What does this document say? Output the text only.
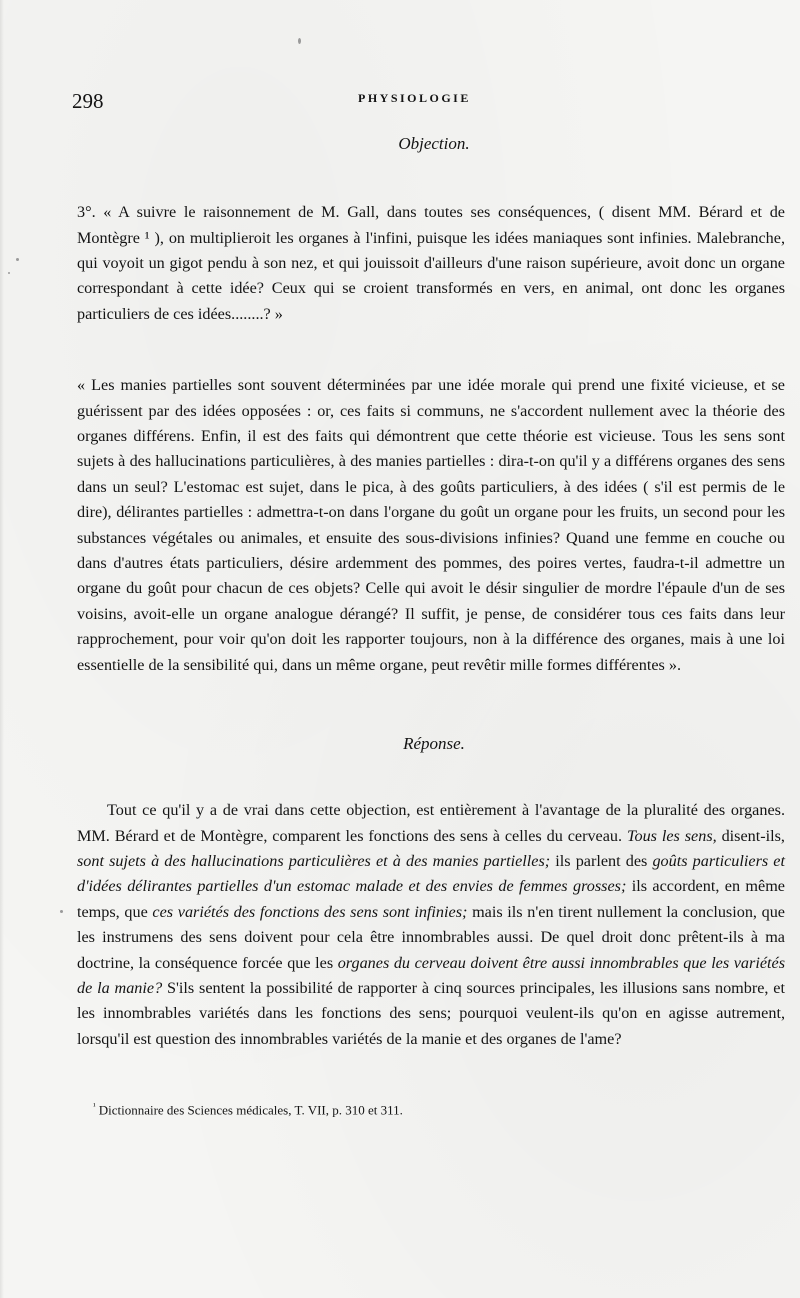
298	PHYSIOLOGIE
Objection.

3°. « A suivre le raisonnement de M. Gall, dans toutes ses conséquences, ( disent MM. Bérard et de Montègre ¹ ), on multiplieroit les organes à l'infini, puisque les idées maniaques sont infinies. Malebranche, qui voyoit un gigot pendu à son nez, et qui jouissoit d'ailleurs d'une raison supérieure, avoit donc un organe correspondant à cette idée? Ceux qui se croient transformés en vers, en animal, ont donc les organes particuliers de ces idées........? »

« Les manies partielles sont souvent déterminées par une idée morale qui prend une fixité vicieuse, et se guérissent par des idées opposées : or, ces faits si communs, ne s'accordent nullement avec la théorie des organes différens. Enfin, il est des faits qui démontrent que cette théorie est vicieuse. Tous les sens sont sujets à des hallucinations particulières, à des manies partielles : dira-t-on qu'il y a différens organes des sens dans un seul? L'estomac est sujet, dans le pica, à des goûts particuliers, à des idées ( s'il est permis de le dire), délirantes partielles : admettra-t-on dans l'organe du goût un organe pour les fruits, un second pour les substances végétales ou animales, et ensuite des sous-divisions infinies? Quand une femme en couche ou dans d'autres états particuliers, désire ardemment des pommes, des poires vertes, faudra-t-il admettre un organe du goût pour chacun de ces objets? Celle qui avoit le désir singulier de mordre l'épaule d'un de ses voisins, avoit-elle un organe analogue dérangé? Il suffit, je pense, de considérer tous ces faits dans leur rapprochement, pour voir qu'on doit les rapporter toujours, non à la différence des organes, mais à une loi essentielle de la sensibilité qui, dans un même organe, peut revêtir mille formes différentes ».

Réponse.

Tout ce qu'il y a de vrai dans cette objection, est entièrement à l'avantage de la pluralité des organes. MM. Bérard et de Montègre, comparent les fonctions des sens à celles du cerveau. Tous les sens, disent-ils, sont sujets à des hallucinations particulières et à des manies partielles; ils parlent des goûts particuliers et d'idées délirantes partielles d'un estomac malade et des envies de femmes grosses; ils accordent, en même temps, que ces variétés des fonctions des sens sont infinies; mais ils n'en tirent nullement la conclusion, que les instrumens des sens doivent pour cela être innombrables aussi. De quel droit donc prêtent-ils à ma doctrine, la conséquence forcée que les organes du cerveau doivent être aussi innombrables que les variétés de la manie? S'ils sentent la possibilité de rapporter à cinq sources principales, les illusions sans nombre, et les innombrables variétés dans les fonctions des sens; pourquoi veulent-ils qu'on en agisse autrement, lorsqu'il est question des innombrables variétés de la manie et des organes de l'ame?

$^{^1}$ Dictionnaire des Sciences médicales, T. VII, p. 310 et 311.
